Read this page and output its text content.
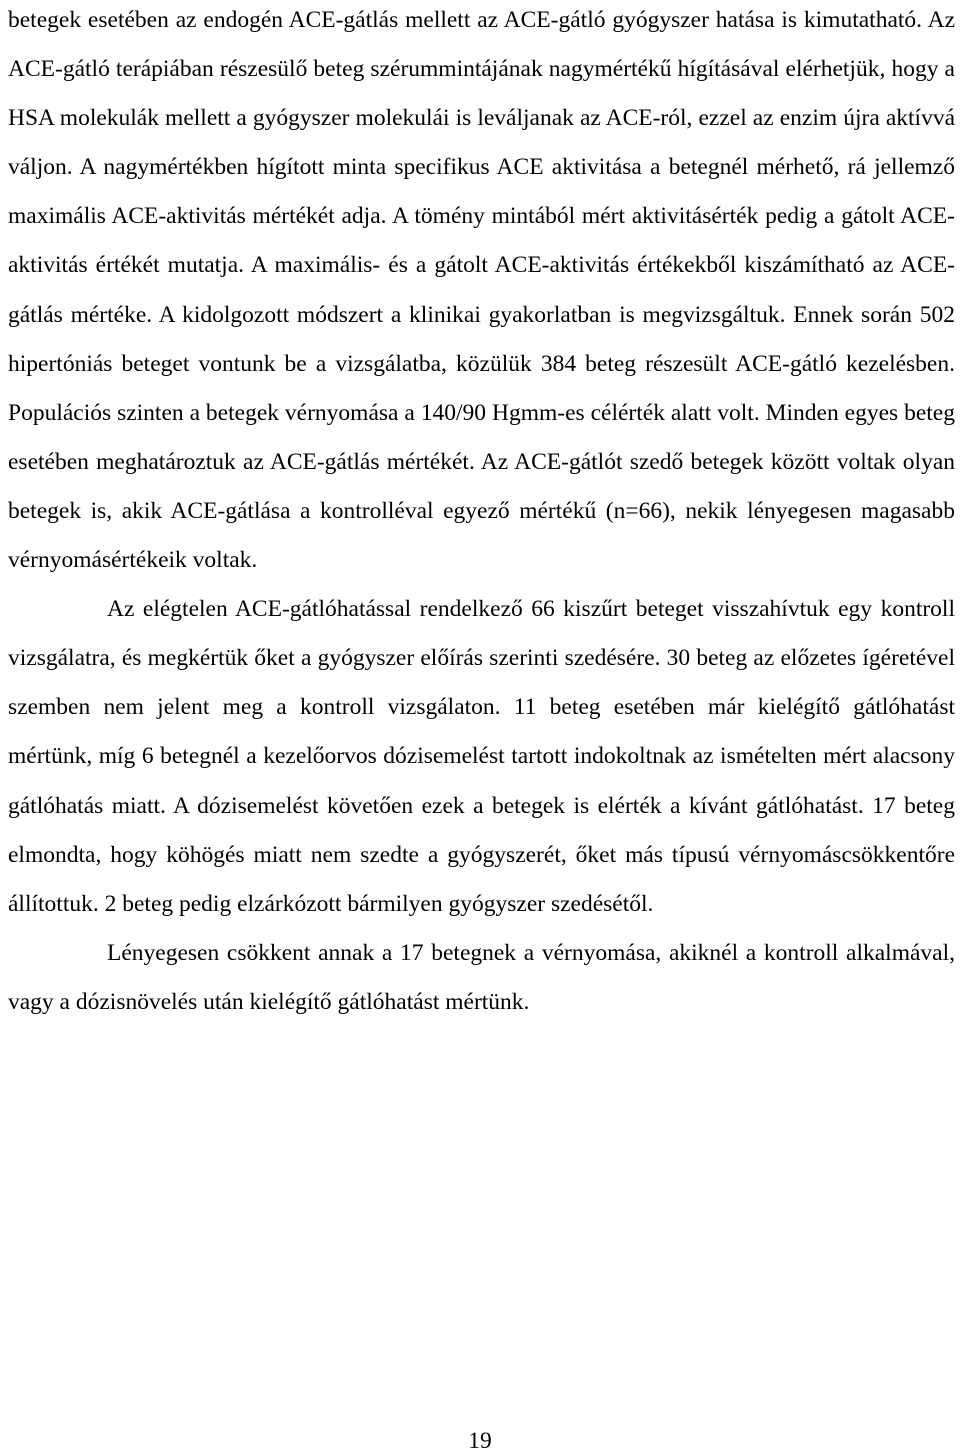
betegek esetében az endogén ACE-gátlás mellett az ACE-gátló gyógyszer hatása is kimutatható. Az ACE-gátló terápiában részesülő beteg szérummintájának nagymértékű hígításával elérhetjük, hogy a HSA molekulák mellett a gyógyszer molekulái is leváljanak az ACE-ról, ezzel az enzim újra aktívvá váljon. A nagymértékben hígított minta specifikus ACE aktivitása a betegnél mérhető, rá jellemző maximális ACE-aktivitás mértékét adja. A tömény mintából mért aktivitásérték pedig a gátolt ACE-aktivitás értékét mutatja. A maximális- és a gátolt ACE-aktivitás értékekből kiszámítható az ACE-gátlás mértéke. A kidolgozott módszert a klinikai gyakorlatban is megvizsgáltuk. Ennek során 502 hipertóniás beteget vontunk be a vizsgálatba, közülük 384 beteg részesült ACE-gátló kezelésben. Populációs szinten a betegek vérnyomása a 140/90 Hgmm-es célérték alatt volt. Minden egyes beteg esetében meghatároztuk az ACE-gátlás mértékét. Az ACE-gátlót szedő betegek között voltak olyan betegek is, akik ACE-gátlása a kontrolléval egyező mértékű (n=66), nekik lényegesen magasabb vérnyomásértékeik voltak.

Az elégtelen ACE-gátlóhatással rendelkező 66 kiszűrt beteget visszahívtuk egy kontroll vizsgálatra, és megkértük őket a gyógyszer előírás szerinti szedésére. 30 beteg az előzetes ígéretével szemben nem jelent meg a kontroll vizsgálaton. 11 beteg esetében már kielégítő gátlóhatást mértünk, míg 6 betegnél a kezelőorvos dózisemelést tartott indokoltnak az ismételten mért alacsony gátlóhatás miatt. A dózisemelést követően ezek a betegek is elérték a kívánt gátlóhatást. 17 beteg elmondta, hogy köhögés miatt nem szedte a gyógyszerét, őket más típusú vérnyomáscsökkentőre állítottuk. 2 beteg pedig elzárkózott bármilyen gyógyszer szedésétől.

Lényegesen csökkent annak a 17 betegnek a vérnyomása, akiknél a kontroll alkalmával, vagy a dózisnövelés után kielégítő gátlóhatást mértünk.

19
